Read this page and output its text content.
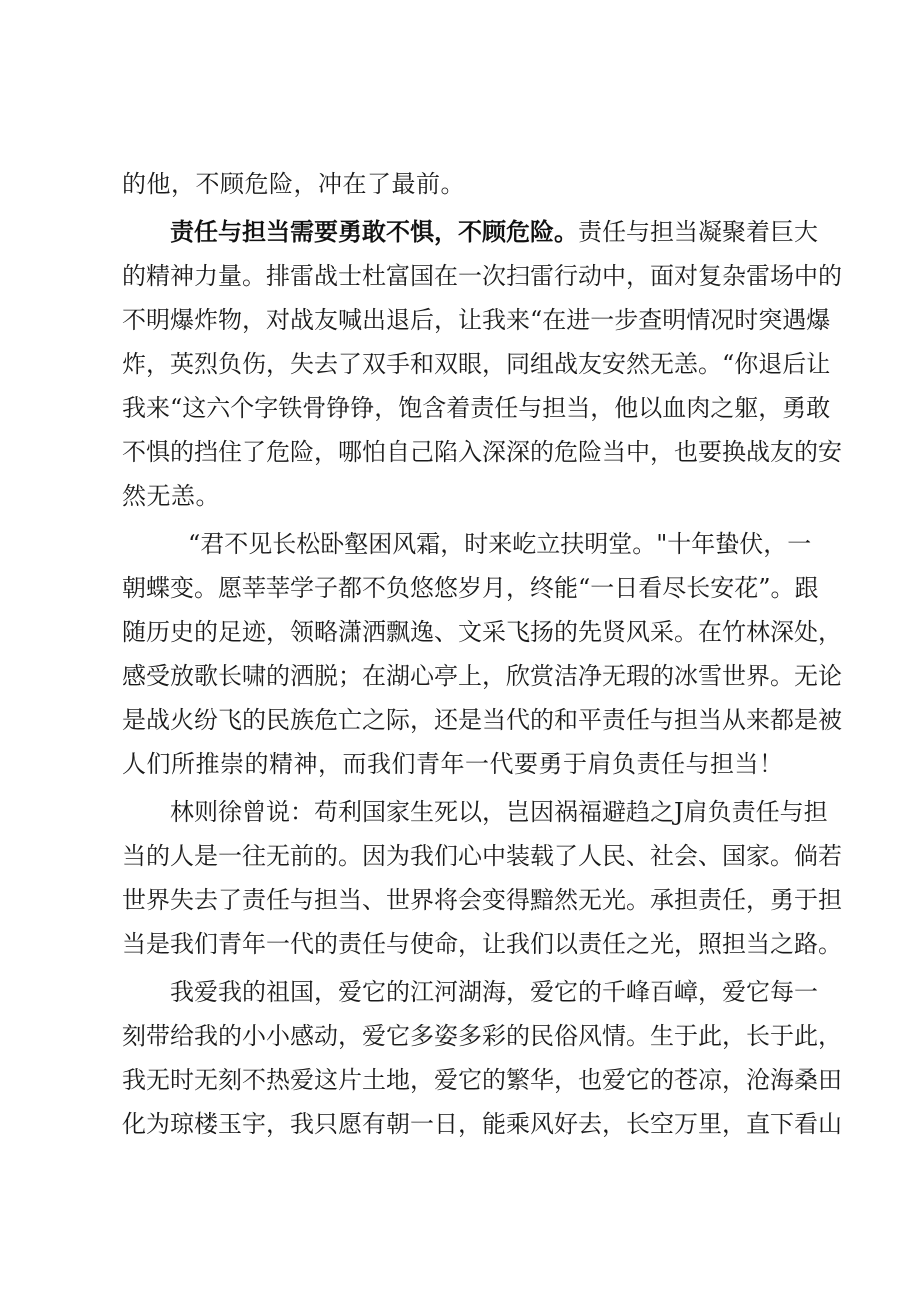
的他，不顾危险，冲在了最前。
责任与担当需要勇敢不惧，不顾危险。责任与担当凝聚着巨大
的精神力量。排雷战士杜富国在一次扫雷行动中，面对复杂雷场中的
不明爆炸物，对战友喊出退后，让我来“在进一步查明情况时突遇爆
炸，英烈负伤，失去了双手和双眼，同组战友安然无恙。“你退后让
我来“这六个字铁骨铮铮，饱含着责任与担当，他以血肉之躯，勇敢
不惧的挡住了危险，哪怕自己陷入深深的危险当中，也要换战友的安
然无恙。
“君不见长松卧壑困风霜，时来屹立扶明堂。"十年蛰伏，一
朝蝶变。愿莘莘学子都不负悠悠岁月，终能“一日看尽长安花”。跟
随历史的足迹，领略潇洒飘逸、文采飞扬的先贤风采。在竹林深处，
感受放歌长啸的洒脱；在湖心亭上，欣赏洁净无瑕的冰雪世界。无论
是战火纷飞的民族危亡之际，还是当代的和平责任与担当从来都是被
人们所推崇的精神，而我们青年一代要勇于肩负责任与担当！
林则徐曾说：苟利国家生死以，岂因祸福避趋之J肩负责任与担
当的人是一往无前的。因为我们心中装载了人民、社会、国家。倘若
世界失去了责任与担当、世界将会变得黯然无光。承担责任，勇于担
当是我们青年一代的责任与使命，让我们以责任之光，照担当之路。
我爱我的祖国，爱它的江河湖海，爱它的千峰百嶂，爱它每一
刻带给我的小小感动，爱它多姿多彩的民俗风情。生于此，长于此，
我无时无刻不热爱这片土地，爱它的繁华，也爱它的苍凉，沧海桑田
化为琼楼玉宇，我只愿有朝一日，能乘风好去，长空万里，直下看山
